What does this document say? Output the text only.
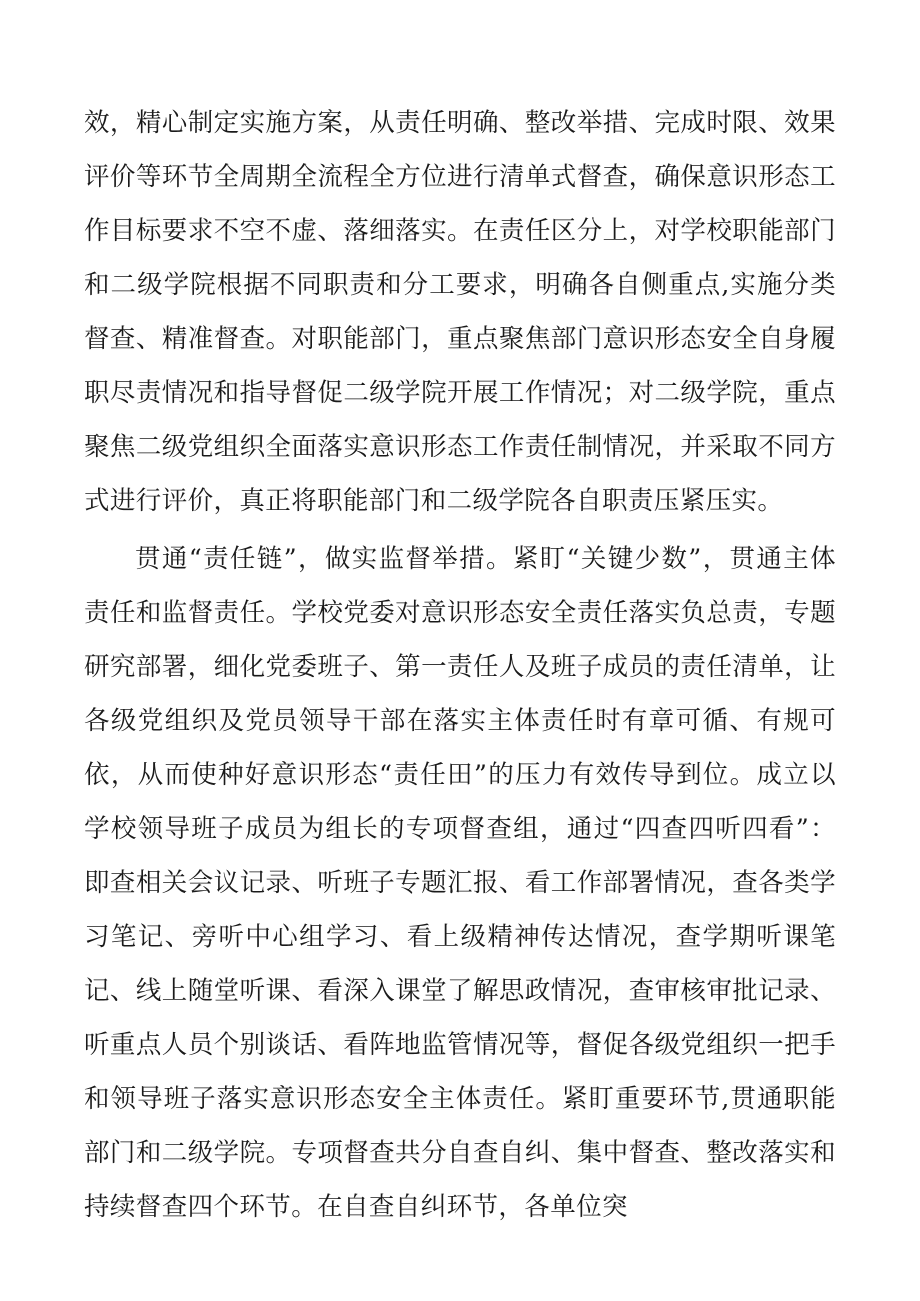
效，精心制定实施方案，从责任明确、整改举措、完成时限、效果评价等环节全周期全流程全方位进行清单式督查，确保意识形态工作目标要求不空不虚、落细落实。在责任区分上，对学校职能部门和二级学院根据不同职责和分工要求，明确各自侧重点,实施分类督查、精准督查。对职能部门，重点聚焦部门意识形态安全自身履职尽责情况和指导督促二级学院开展工作情况；对二级学院，重点聚焦二级党组织全面落实意识形态工作责任制情况，并采取不同方式进行评价，真正将职能部门和二级学院各自职责压紧压实。

贯通“责任链”，做实监督举措。紧盯“关键少数”，贯通主体责任和监督责任。学校党委对意识形态安全责任落实负总责，专题研究部署，细化党委班子、第一责任人及班子成员的责任清单，让各级党组织及党员领导干部在落实主体责任时有章可循、有规可依，从而使种好意识形态“责任田”的压力有效传导到位。成立以学校领导班子成员为组长的专项督查组，通过“四查四听四看”：即查相关会议记录、听班子专题汇报、看工作部署情况，查各类学习笔记、旁听中心组学习、看上级精神传达情况，查学期听课笔记、线上随堂听课、看深入课堂了解思政情况，查审核审批记录、听重点人员个别谈话、看阵地监管情况等，督促各级党组织一把手和领导班子落实意识形态安全主体责任。紧盯重要环节,贯通职能部门和二级学院。专项督查共分自查自纠、集中督查、整改落实和持续督查四个环节。在自查自纠环节，各单位突
